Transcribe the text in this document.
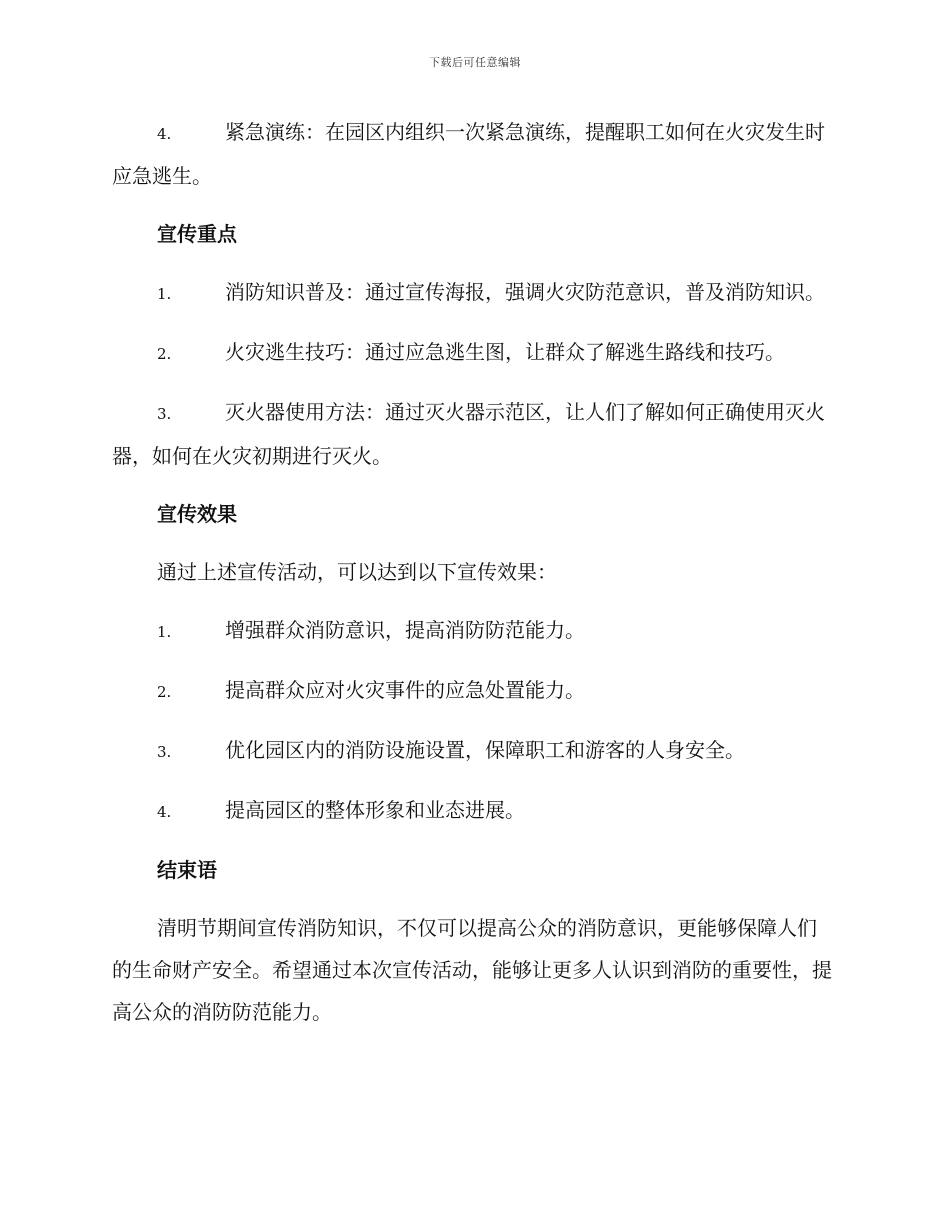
下载后可任意编辑

4.	紧急演练：在园区内组织一次紧急演练，提醒职工如何在火灾发生时应急逃生。

宣传重点

1.	消防知识普及：通过宣传海报，强调火灾防范意识，普及消防知识。

2.	火灾逃生技巧：通过应急逃生图，让群众了解逃生路线和技巧。

3.	灭火器使用方法：通过灭火器示范区，让人们了解如何正确使用灭火器，如何在火灾初期进行灭火。

宣传效果

通过上述宣传活动，可以达到以下宣传效果：

1.	增强群众消防意识，提高消防防范能力。

2.	提高群众应对火灾事件的应急处置能力。

3.	优化园区内的消防设施设置，保障职工和游客的人身安全。

4.	提高园区的整体形象和业态进展。

结束语

清明节期间宣传消防知识，不仅可以提高公众的消防意识，更能够保障人们的生命财产安全。希望通过本次宣传活动，能够让更多人认识到消防的重要性，提高公众的消防防范能力。
